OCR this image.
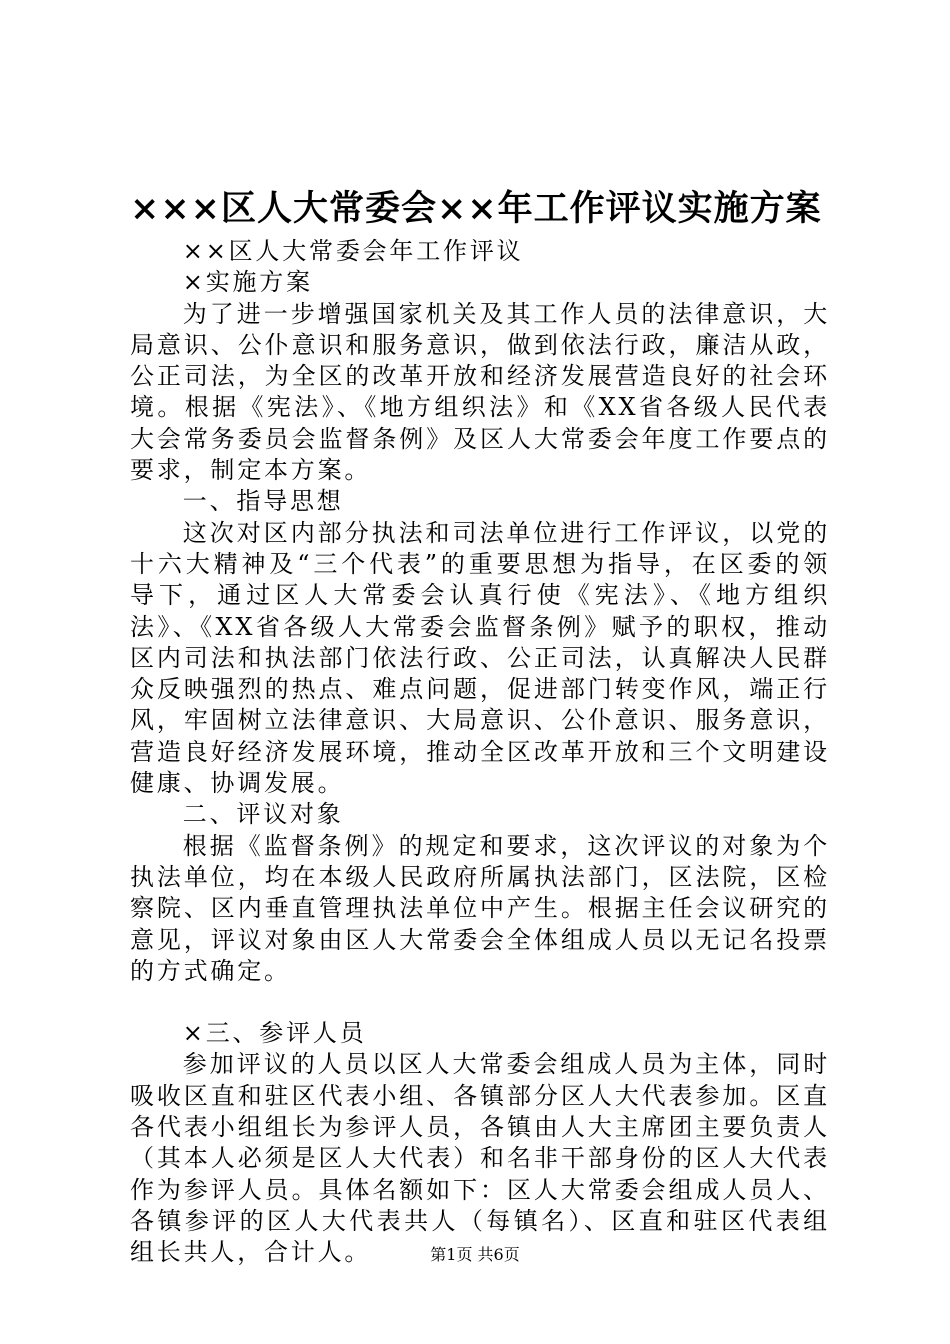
×××区人大常委会××年工作评议实施方案

××区人大常委会年工作评议

×实施方案

为了进一步增强国家机关及其工作人员的法律意识，大局意识、公仆意识和服务意识，做到依法行政，廉洁从政，公正司法，为全区的改革开放和经济发展营造良好的社会环境。根据《宪法》、《地方组织法》和《XX省各级人民代表大会常务委员会监督条例》及区人大常委会年度工作要点的要求，制定本方案。

一、指导思想

这次对区内部分执法和司法单位进行工作评议，以党的十六大精神及“三个代表”的重要思想为指导，在区委的领导下，通过区人大常委会认真行使《宪法》、《地方组织法》、《XX省各级人大常委会监督条例》赋予的职权，推动区内司法和执法部门依法行政、公正司法，认真解决人民群众反映强烈的热点、难点问题，促进部门转变作风，端正行风，牢固树立法律意识、大局意识、公仆意识、服务意识，营造良好经济发展环境，推动全区改革开放和三个文明建设健康、协调发展。

二、评议对象

根据《监督条例》的规定和要求，这次评议的对象为个执法单位，均在本级人民政府所属执法部门，区法院，区检察院、区内垂直管理执法单位中产生。根据主任会议研究的意见，评议对象由区人大常委会全体组成人员以无记名投票的方式确定。

×三、参评人员

参加评议的人员以区人大常委会组成人员为主体，同时吸收区直和驻区代表小组、各镇部分区人大代表参加。区直各代表小组组长为参评人员，各镇由人大主席团主要负责人（其本人必须是区人大代表）和名非干部身份的区人大代表作为参评人员。具体名额如下：区人大常委会组成人员人、各镇参评的区人大代表共人（每镇名）、区直和驻区代表组组长共人，合计人。	第1页 共6页
